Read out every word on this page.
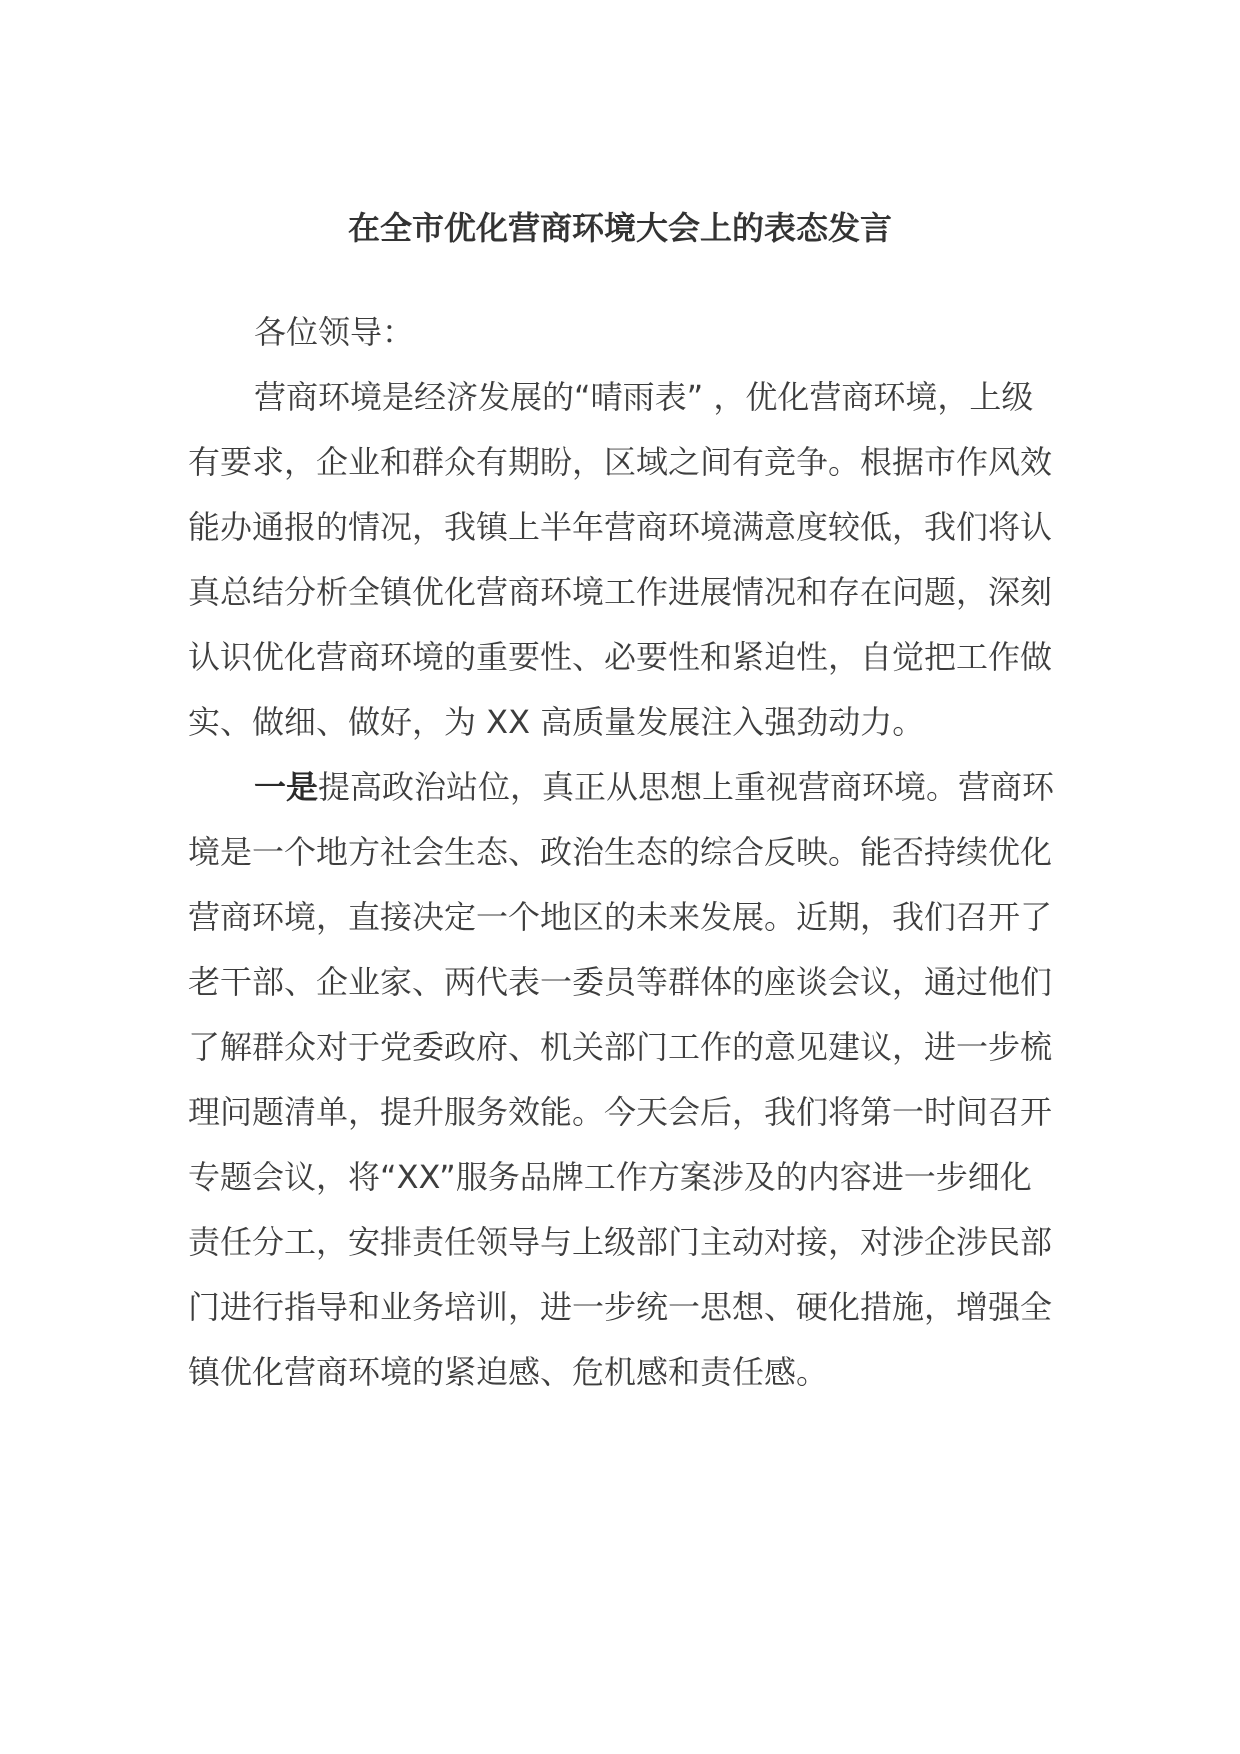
在全市优化营商环境大会上的表态发言

各位领导：

营商环境是经济发展的“晴雨表” ，优化营商环境，上级有要求，企业和群众有期盼，区域之间有竞争。根据市作风效能办通报的情况，我镇上半年营商环境满意度较低，我们将认真总结分析全镇优化营商环境工作进展情况和存在问题，深刻认识优化营商环境的重要性、必要性和紧迫性，自觉把工作做实、做细、做好，为 XX 高质量发展注入强劲动力。

一是提高政治站位，真正从思想上重视营商环境。营商环境是一个地方社会生态、政治生态的综合反映。能否持续优化营商环境，直接决定一个地区的未来发展。近期，我们召开了老干部、企业家、两代表一委员等群体的座谈会议，通过他们了解群众对于党委政府、机关部门工作的意见建议，进一步梳理问题清单，提升服务效能。今天会后，我们将第一时间召开专题会议，将“XX”服务品牌工作方案涉及的内容进一步细化责任分工，安排责任领导与上级部门主动对接，对涉企涉民部门进行指导和业务培训，进一步统一思想、硬化措施，增强全镇优化营商环境的紧迫感、危机感和责任感。
